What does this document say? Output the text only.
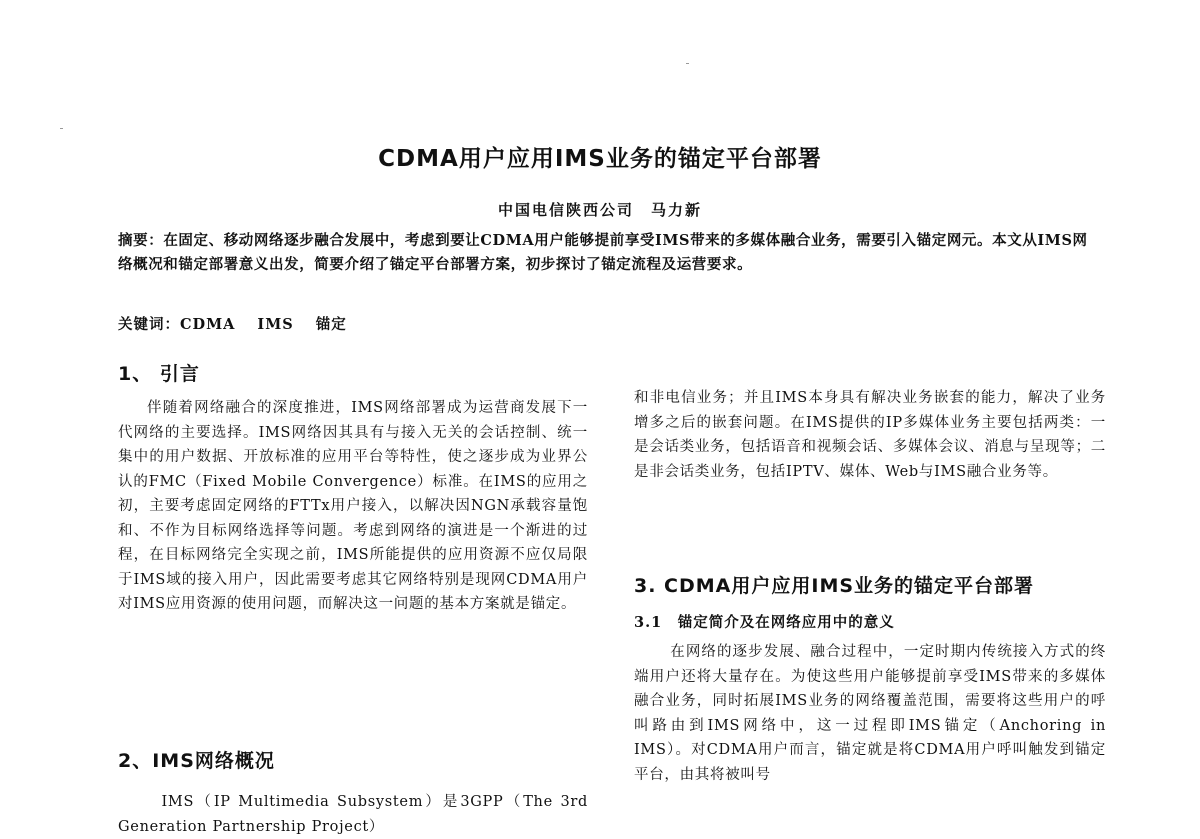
CDMA用户应用IMS业务的锚定平台部署
中国电信陕西公司　马力新
摘要：在固定、移动网络逐步融合发展中，考虑到要让CDMA用户能够提前享受IMS带来的多媒体融合业务，需要引入锚定网元。本文从IMS网络概况和锚定部署意义出发，简要介绍了锚定平台部署方案，初步探讨了锚定流程及运营要求。
关键词：CDMA IMS 锚定
1、 引言

伴随着网络融合的深度推进，IMS网络部署成为运营商发展下一代网络的主要选择。IMS网络因其具有与接入无关的会话控制、统一集中的用户数据、开放标准的应用平台等特性，使之逐步成为业界公认的FMC（Fixed Mobile Convergence）标准。在IMS的应用之初，主要考虑固定网络的FTTx用户接入，以解决因NGN承载容量饱和、不作为目标网络选择等问题。考虑到网络的演进是一个渐进的过程，在目标网络完全实现之前，IMS所能提供的应用资源不应仅局限于IMS域的接入用户，因此需要考虑其它网络特别是现网CDMA用户对IMS应用资源的使用问题，而解决这一问题的基本方案就是锚定。

2、IMS网络概况

IMS（IP Multimedia Subsystem）是3GPP（The 3rd Generation Partnership Project）

和非电信业务；并且IMS本身具有解决业务嵌套的能力，解决了业务增多之后的嵌套问题。在IMS提供的IP多媒体业务主要包括两类：一是会话类业务，包括语音和视频会话、多媒体会议、消息与呈现等；二是非会话类业务，包括IPTV、媒体、Web与IMS融合业务等。

3. CDMA用户应用IMS业务的锚定平台部署
3.1　锚定简介及在网络应用中的意义

在网络的逐步发展、融合过程中，一定时期内传统接入方式的终端用户还将大量存在。为使这些用户能够提前享受IMS带来的多媒体融合业务，同时拓展IMS业务的网络覆盖范围，需要将这些用户的呼叫路由到IMS网络中，这一过程即IMS锚定（Anchoring in IMS）。对CDMA用户而言，锚定就是将CDMA用户呼叫触发到锚定平台，由其将被叫号
